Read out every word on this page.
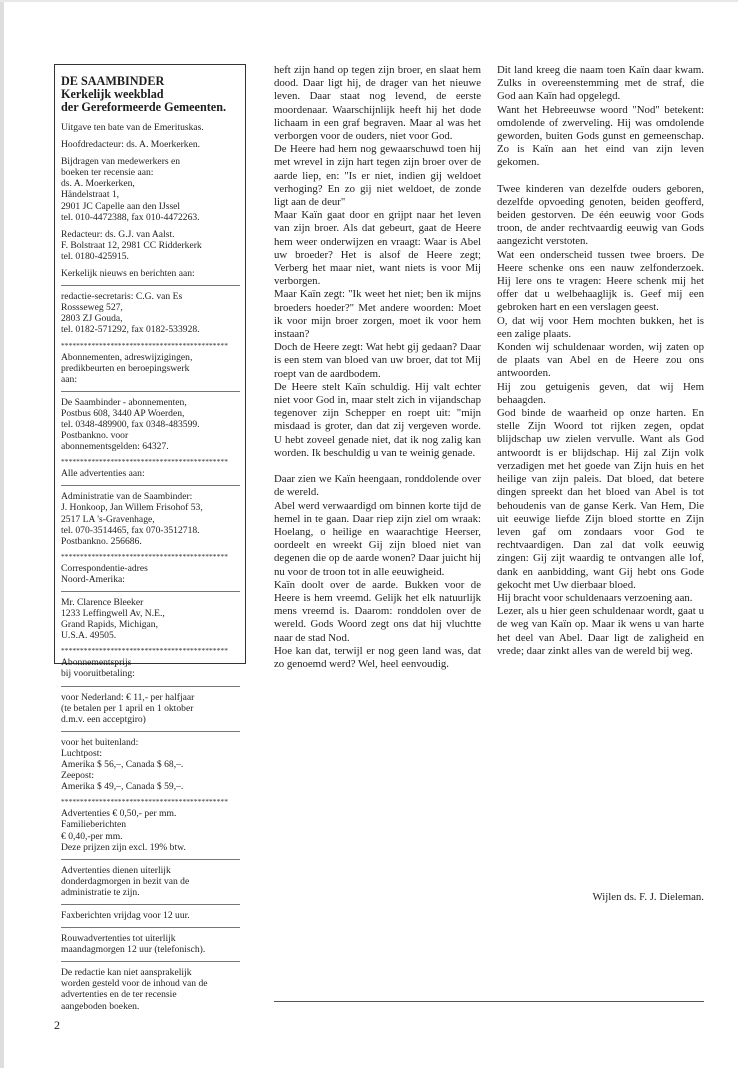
DE SAAMBINDER
Kerkelijk weekblad
der Gereformeerde Gemeenten.

Uitgave ten bate van de Emerituskas.

Hoofdredacteur: ds. A. Moerkerken.

Bijdragen van medewerkers en
boeken ter recensie aan:
ds. A. Moerkerken,
Händelstraat 1,
2901 JC Capelle aan den IJssel
tel. 010-4472388, fax 010-4472263.

Redacteur: ds. G.J. van Aalst.
F. Bolstraat 12, 2981 CC Ridderkerk
tel. 0180-425915.

Kerkelijk nieuws en berichten aan:

redactie-secretaris: C.G. van Es
Rossseweg 527,
2803 ZJ Gouda,
tel. 0182-571292, fax 0182-533928.

********************************************

Abonnementen, adreswijzigingen,
predikbeurten en beroepingswerk
aan:

De Saambinder - abonnementen,
Postbus 608, 3440 AP Woerden,
tel. 0348-489900, fax 0348-483599.
Postbankno. voor
abonnementsgelden: 64327.

********************************************

Alle advertenties aan:

Administratie van de Saambinder:
J. Honkoop, Jan Willem Frisohof 53,
2517 LA 's-Gravenhage,
tel. 070-3514465, fax 070-3512718.
Postbankno. 256686.

********************************************

Correspondentie-adres
Noord-Amerika:

Mr. Clarence Bleeker
1233 Leffingwell Av, N.E.,
Grand Rapids, Michigan,
U.S.A. 49505.

********************************************

Abonnementsprijs
bij vooruitbetaling:

voor Nederland: € 11,- per halfjaar
(te betalen per 1 april en 1 oktober
d.m.v. een acceptgiro)

voor het buitenland:
Luchtpost:
Amerika $ 56,–, Canada $ 68,–.
Zeepost:
Amerika $ 49,–, Canada $ 59,–.

********************************************

Advertenties € 0,50,- per mm.
Familieberichten
€ 0,40,-per mm.
Deze prijzen zijn excl. 19% btw.

Advertenties dienen uiterlijk
donderdagmorgen in bezit van de
administratie te zijn.

Faxberichten vrijdag voor 12 uur.

Rouwadvertenties tot uiterlijk
maandagmorgen 12 uur (telefonisch).

De redactie kan niet aansprakelijk
worden gesteld voor de inhoud van de
advertenties en de ter recensie
aangeboden boeken.

heft zijn hand op tegen zijn broer, en slaat hem dood. Daar ligt hij, de drager van het nieuwe leven. Daar staat nog levend, de eerste moordenaar. Waarschijnlijk heeft hij het dode lichaam in een graf begraven. Maar al was het verborgen voor de ouders, niet voor God.

De Heere had hem nog gewaarschuwd toen hij met wrevel in zijn hart tegen zijn broer over de aarde liep, en: "Is er niet, indien gij weldoet verhoging? En zo gij niet weldoet, de zonde ligt aan de deur"

Maar Kaïn gaat door en grijpt naar het leven van zijn broer. Als dat gebeurt, gaat de Heere hem weer onderwijzen en vraagt: Waar is Abel uw broeder? Het is alsof de Heere zegt; Verberg het maar niet, want niets is voor Mij verborgen.

Maar Kaïn zegt: "Ik weet het niet; ben ik mijns broeders hoeder?" Met andere woorden: Moet ik voor mijn broer zorgen, moet ik voor hem instaan?

Doch de Heere zegt: Wat hebt gij gedaan? Daar is een stem van bloed van uw broer, dat tot Mij roept van de aardbodem.

De Heere stelt Kaïn schuldig. Hij valt echter niet voor God in, maar stelt zich in vijandschap tegenover zijn Schepper en roept uit: "mijn misdaad is groter, dan dat zij vergeven worde. U hebt zoveel genade niet, dat ik nog zalig kan worden. Ik beschuldig u van te weinig genade.

Daar zien we Kaïn heengaan, ronddolende over de wereld.

Abel werd verwaardigd om binnen korte tijd de hemel in te gaan. Daar riep zijn ziel om wraak: Hoelang, o heilige en waarachtige Heerser, oordeelt en wreekt Gij zijn bloed niet van degenen die op de aarde wonen? Daar juicht hij nu voor de troon tot in alle eeuwigheid.

Kaïn doolt over de aarde. Bukken voor de Heere is hem vreemd. Gelijk het elk natuurlijk mens vreemd is. Daarom: ronddolen over de wereld. Gods Woord zegt ons dat hij vluchtte naar de stad Nod.

Hoe kan dat, terwijl er nog geen land was, dat zo genoemd werd? Wel, heel eenvoudig.

Dit land kreeg die naam toen Kaïn daar kwam. Zulks in overeenstemming met de straf, die God aan Kaïn had opgelegd.

Want het Hebreeuwse woord "Nod" betekent: omdolende of zwerveling. Hij was omdolende geworden, buiten Gods gunst en gemeenschap. Zo is Kaïn aan het eind van zijn leven gekomen.

Twee kinderen van dezelfde ouders geboren, dezelfde opvoeding genoten, beiden geofferd, beiden gestorven. De één eeuwig voor Gods troon, de ander rechtvaardig eeuwig van Gods aangezicht verstoten.

Wat een onderscheid tussen twee broers. De Heere schenke ons een nauw zelfonderzoek. Hij lere ons te vragen: Heere schenk mij het offer dat u welbehaaglijk is. Geef mij een gebroken hart en een verslagen geest.

O, dat wij voor Hem mochten bukken, het is een zalige plaats.

Konden wij schuldenaar worden, wij zaten op de plaats van Abel en de Heere zou ons antwoorden.

Hij zou getuigenis geven, dat wij Hem behaagden.

God binde de waarheid op onze harten. En stelle Zijn Woord tot rijken zegen, opdat blijdschap uw zielen vervulle. Want als God antwoordt is er blijdschap. Hij zal Zijn volk verzadigen met het goede van Zijn huis en het heilige van zijn paleis. Dat bloed, dat betere dingen spreekt dan het bloed van Abel is tot behoudenis van de ganse Kerk. Van Hem, Die uit eeuwige liefde Zijn bloed stortte en Zijn leven gaf om zondaars voor God te rechtvaardigen. Dan zal dat volk eeuwig zingen: Gij zijt waardig te ontvangen alle lof, dank en aanbidding, want Gij hebt ons Gode gekocht met Uw dierbaar bloed.

Hij bracht voor schuldenaars verzoening aan.

Lezer, als u hier geen schuldenaar wordt, gaat u de weg van Kaïn op. Maar ik wens u van harte het deel van Abel. Daar ligt de zaligheid en vrede; daar zinkt alles van de wereld bij weg.

Wijlen ds. F. J. Dieleman.
2
